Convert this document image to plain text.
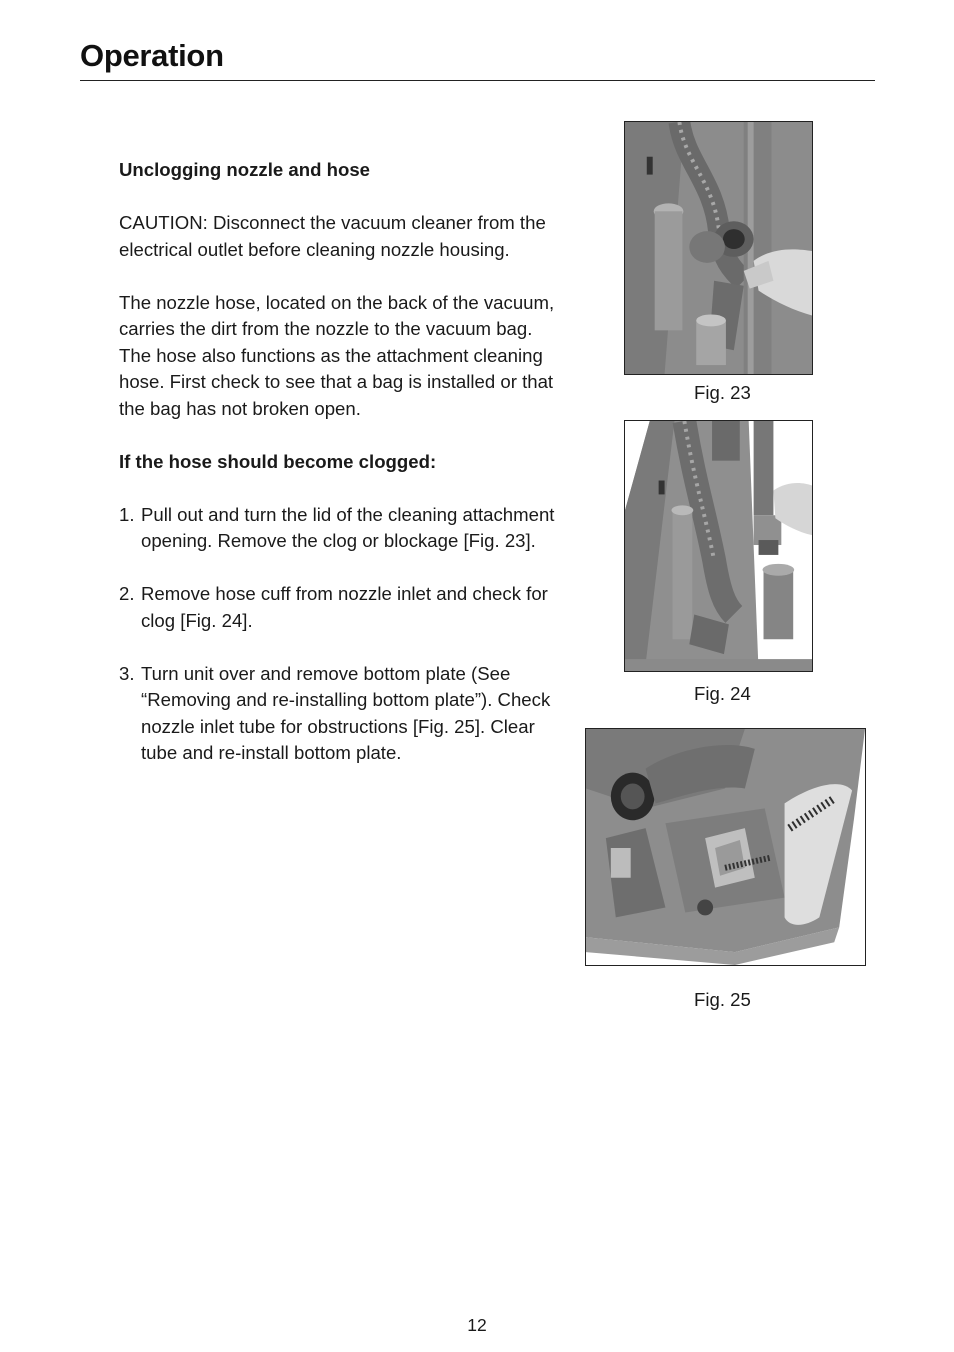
Operation
Unclogging nozzle and hose

CAUTION: Disconnect the vacuum cleaner from the electrical outlet before cleaning nozzle housing.

The nozzle hose, located on the back of the vacuum, carries the dirt from the nozzle to the vacuum bag. The hose also functions as the attachment cleaning hose. First check to see that a bag is installed or that the bag has not broken open.

If the hose should become clogged:
1. Pull out and turn the lid of the cleaning attachment opening. Remove the clog or blockage [Fig. 23].
2. Remove hose cuff from nozzle inlet and check for clog [Fig. 24].
3. Turn unit over and remove bottom plate (See “Removing and re-installing bottom plate”). Check nozzle inlet tube for obstructions [Fig. 25]. Clear tube and re-install bottom plate.
Fig. 23
Fig. 24
Fig. 25
12
